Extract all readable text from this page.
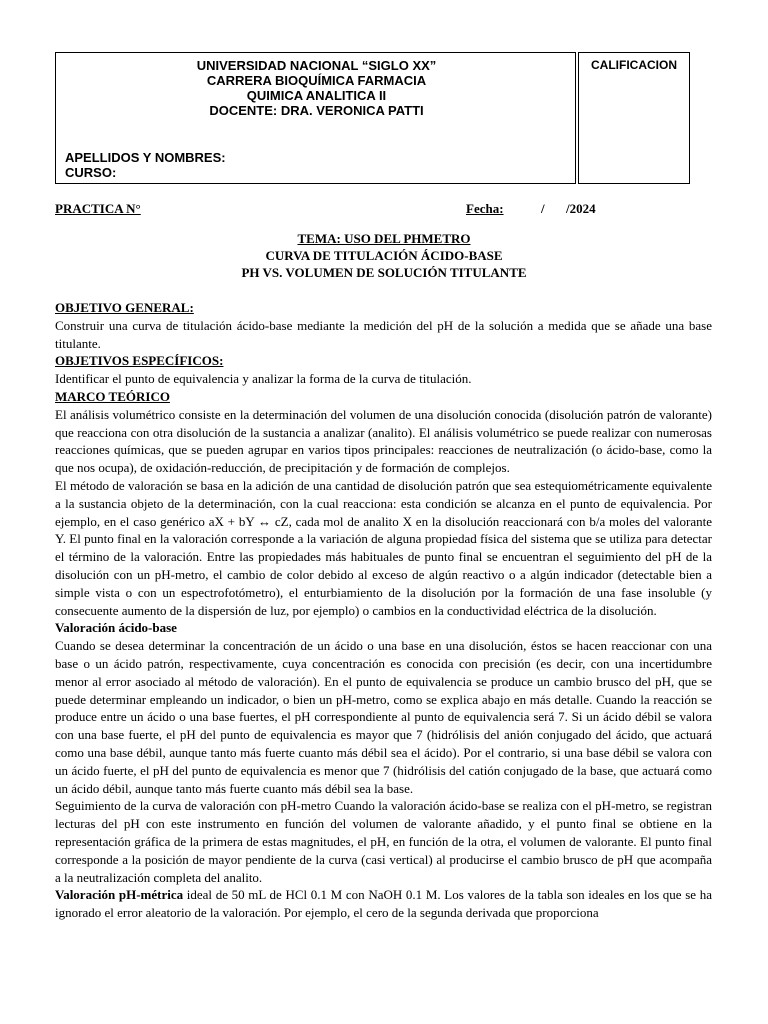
UNIVERSIDAD NACIONAL “SIGLO XX”
CARRERA BIOQUÍMICA FARMACIA
QUIMICA ANALITICA II
DOCENTE: DRA. VERONICA PATTI
APELLIDOS Y NOMBRES:
CURSO:
CALIFICACION
PRACTICA N°	Fecha:	/ /2024
TEMA: USO DEL PHMETRO
CURVA DE TITULACIÓN ÁCIDO-BASE
PH VS. VOLUMEN DE SOLUCIÓN TITULANTE

OBJETIVO GENERAL:

Construir una curva de titulación ácido-base mediante la medición del pH de la solución a medida que se añade una base titulante.

OBJETIVOS ESPECÍFICOS:

Identificar el punto de equivalencia y analizar la forma de la curva de titulación.

MARCO TEÓRICO

El análisis volumétrico consiste en la determinación del volumen de una disolución conocida (disolución patrón de valorante) que reacciona con otra disolución de la sustancia a analizar (analito). El análisis volumétrico se puede realizar con numerosas reacciones químicas, que se pueden agrupar en varios tipos principales: reacciones de neutralización (o ácido-base, como la que nos ocupa), de oxidación-reducción, de precipitación y de formación de complejos.

El método de valoración se basa en la adición de una cantidad de disolución patrón que sea estequiométricamente equivalente a la sustancia objeto de la determinación, con la cual reacciona: esta condición se alcanza en el punto de equivalencia. Por ejemplo, en el caso genérico aX + bY ↔ cZ, cada mol de analito X en la disolución reaccionará con b/a moles del valorante Y. El punto final en la valoración corresponde a la variación de alguna propiedad física del sistema que se utiliza para detectar el término de la valoración. Entre las propiedades más habituales de punto final se encuentran el seguimiento del pH de la disolución con un pH-metro, el cambio de color debido al exceso de algún reactivo o a algún indicador (detectable bien a simple vista o con un espectrofotómetro), el enturbiamiento de la disolución por la formación de una fase insoluble (y consecuente aumento de la dispersión de luz, por ejemplo) o cambios en la conductividad eléctrica de la disolución.

Valoración ácido-base

Cuando se desea determinar la concentración de un ácido o una base en una disolución, éstos se hacen reaccionar con una base o un ácido patrón, respectivamente, cuya concentración es conocida con precisión (es decir, con una incertidumbre menor al error asociado al método de valoración). En el punto de equivalencia se produce un cambio brusco del pH, que se puede determinar empleando un indicador, o bien un pH-metro, como se explica abajo en más detalle. Cuando la reacción se produce entre un ácido o una base fuertes, el pH correspondiente al punto de equivalencia será 7. Si un ácido débil se valora con una base fuerte, el pH del punto de equivalencia es mayor que 7 (hidrólisis del anión conjugado del ácido, que actuará como una base débil, aunque tanto más fuerte cuanto más débil sea el ácido). Por el contrario, si una base débil se valora con un ácido fuerte, el pH del punto de equivalencia es menor que 7 (hidrólisis del catión conjugado de la base, que actuará como un ácido débil, aunque tanto más fuerte cuanto más débil sea la base.

Seguimiento de la curva de valoración con pH-metro Cuando la valoración ácido-base se realiza con el pH-metro, se registran lecturas del pH con este instrumento en función del volumen de valorante añadido, y el punto final se obtiene en la representación gráfica de la primera de estas magnitudes, el pH, en función de la otra, el volumen de valorante. El punto final corresponde a la posición de mayor pendiente de la curva (casi vertical) al producirse el cambio brusco de pH que acompaña a la neutralización completa del analito.

Valoración pH-métrica ideal de 50 mL de HCl 0.1 M con NaOH 0.1 M. Los valores de la tabla son ideales en los que se ha ignorado el error aleatorio de la valoración. Por ejemplo, el cero de la segunda derivada que proporciona
